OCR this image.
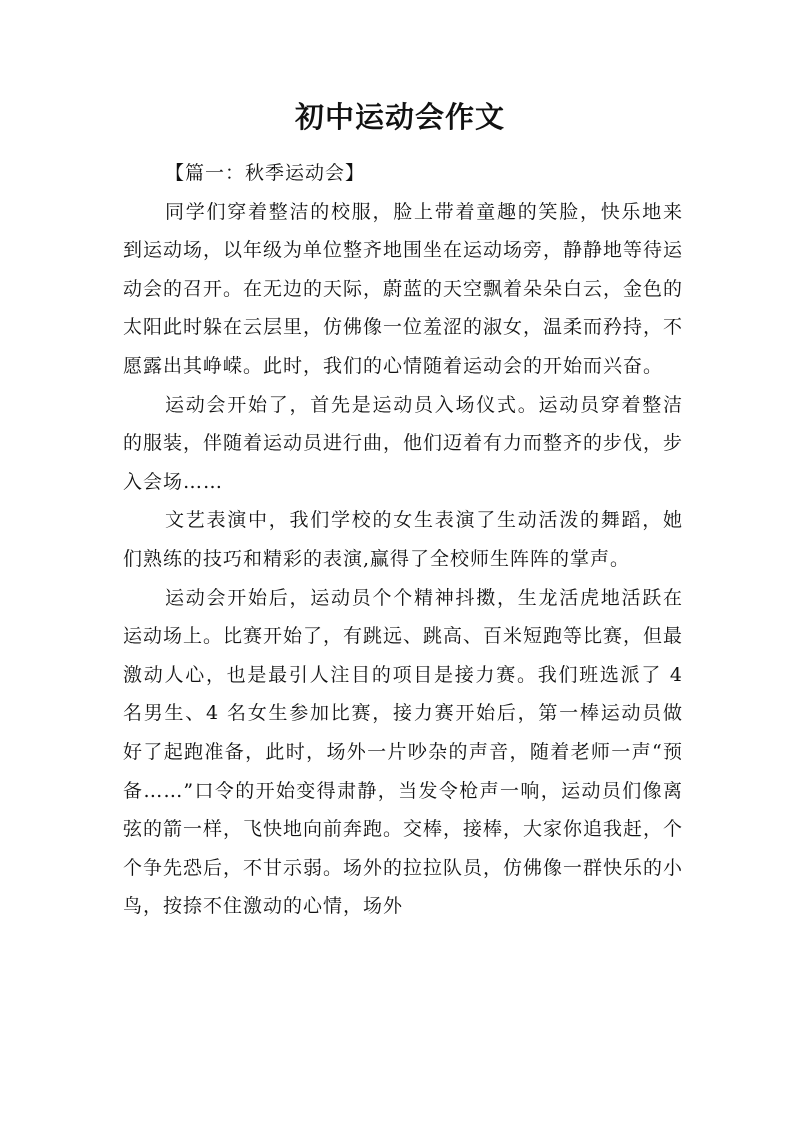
初中运动会作文

【篇一：秋季运动会】

同学们穿着整洁的校服，脸上带着童趣的笑脸，快乐地来到运动场，以年级为单位整齐地围坐在运动场旁，静静地等待运动会的召开。在无边的天际，蔚蓝的天空飘着朵朵白云，金色的太阳此时躲在云层里，仿佛像一位羞涩的淑女，温柔而矜持，不愿露出其峥嵘。此时，我们的心情随着运动会的开始而兴奋。

运动会开始了，首先是运动员入场仪式。运动员穿着整洁的服装，伴随着运动员进行曲，他们迈着有力而整齐的步伐，步入会场……

文艺表演中，我们学校的女生表演了生动活泼的舞蹈，她们熟练的技巧和精彩的表演,赢得了全校师生阵阵的掌声。

运动会开始后，运动员个个精神抖擞，生龙活虎地活跃在运动场上。比赛开始了，有跳远、跳高、百米短跑等比赛，但最激动人心，也是最引人注目的项目是接力赛。我们班选派了 4 名男生、4 名女生参加比赛，接力赛开始后，第一棒运动员做好了起跑准备，此时，场外一片吵杂的声音，随着老师一声“预备……”口令的开始变得肃静，当发令枪声一响，运动员们像离弦的箭一样，飞快地向前奔跑。交棒，接棒，大家你追我赶，个个争先恐后，不甘示弱。场外的拉拉队员，仿佛像一群快乐的小鸟，按捺不住激动的心情，场外
